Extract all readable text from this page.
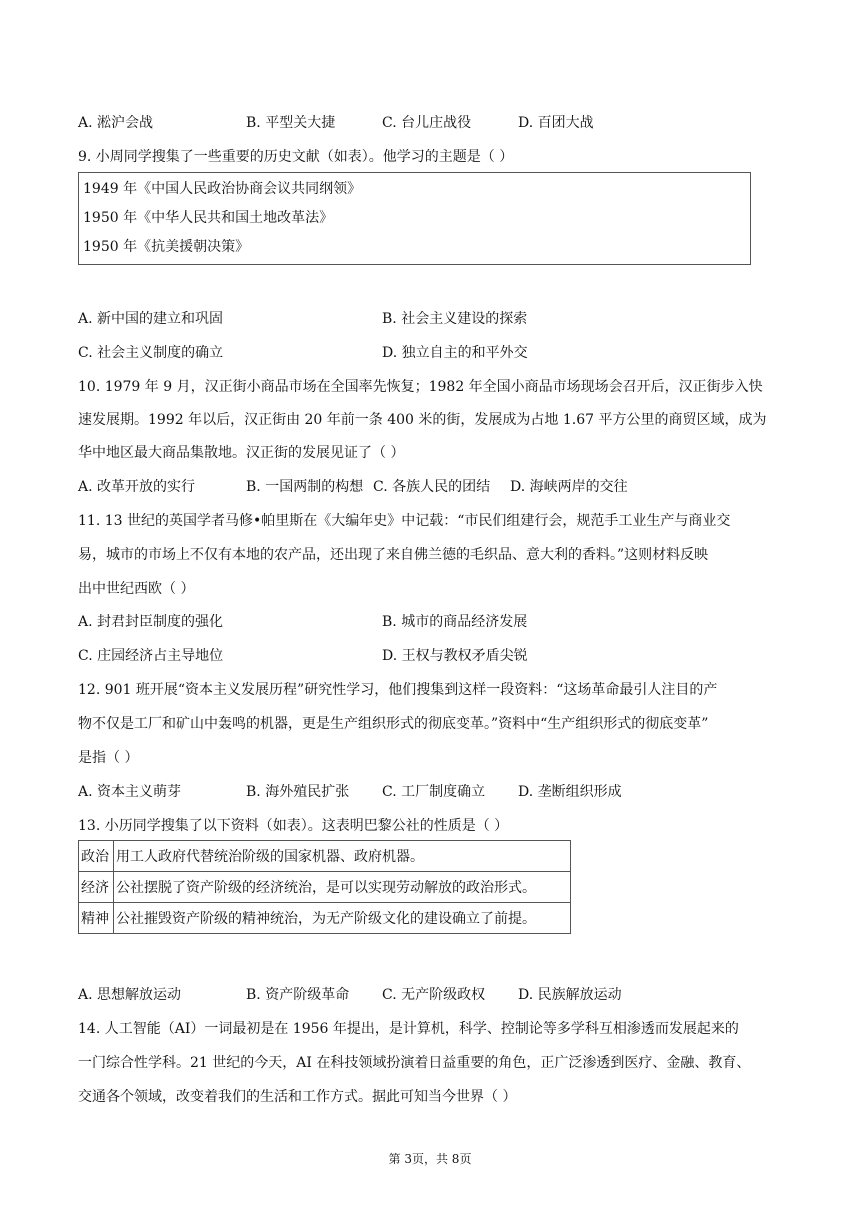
A. 淞沪会战	B. 平型关大捷	C. 台儿庄战役	D. 百团大战
9. 小周同学搜集了一些重要的历史文献（如表）。他学习的主题是（ ）
1949 年《中国人民政治协商会议共同纲领》
1950 年《中华人民共和国土地改革法》
1950 年《抗美援朝决策》
A. 新中国的建立和巩固	B. 社会主义建设的探索
C. 社会主义制度的确立	D. 独立自主的和平外交
10. 1979 年 9 月，汉正街小商品市场在全国率先恢复；1982 年全国小商品市场现场会召开后，汉正街步入快
速发展期。1992 年以后，汉正街由 20 年前一条 400 米的街，发展成为占地 1.67 平方公里的商贸区域，成为
华中地区最大商品集散地。汉正街的发展见证了（ ）
A. 改革开放的实行	B. 一国两制的构想 C. 各族人民的团结 D. 海峡两岸的交往
11. 13 世纪的英国学者马修•帕里斯在《大编年史》中记载：“市民们组建行会，规范手工业生产与商业交
易，城市的市场上不仅有本地的农产品，还出现了来自佛兰德的毛织品、意大利的香料。”这则材料反映
出中世纪西欧（ ）
A. 封君封臣制度的强化	B. 城市的商品经济发展
C. 庄园经济占主导地位	D. 王权与教权矛盾尖锐
12. 901 班开展“资本主义发展历程”研究性学习，他们搜集到这样一段资料：“这场革命最引人注目的产
物不仅是工厂和矿山中轰鸣的机器，更是生产组织形式的彻底变革。”资料中“生产组织形式的彻底变革”
是指（ ）
A. 资本主义萌芽	B. 海外殖民扩张 C. 工厂制度确立 D. 垄断组织形成
13. 小历同学搜集了以下资料（如表）。这表明巴黎公社的性质是（ ）
政治	用工人政府代替统治阶级的国家机器、政府机器。
经济	公社摆脱了资产阶级的经济统治，是可以实现劳动解放的政治形式。
精神	公社摧毁资产阶级的精神统治，为无产阶级文化的建设确立了前提。
A. 思想解放运动	B. 资产阶级革命 C. 无产阶级政权 D. 民族解放运动
14. 人工智能（AI）一词最初是在 1956 年提出，是计算机，科学、控制论等多学科互相渗透而发展起来的
一门综合性学科。21 世纪的今天，AI 在科技领域扮演着日益重要的角色，正广泛渗透到医疗、金融、教育、
交通各个领域，改变着我们的生活和工作方式。据此可知当今世界（ ）
第 3页，共 8页
